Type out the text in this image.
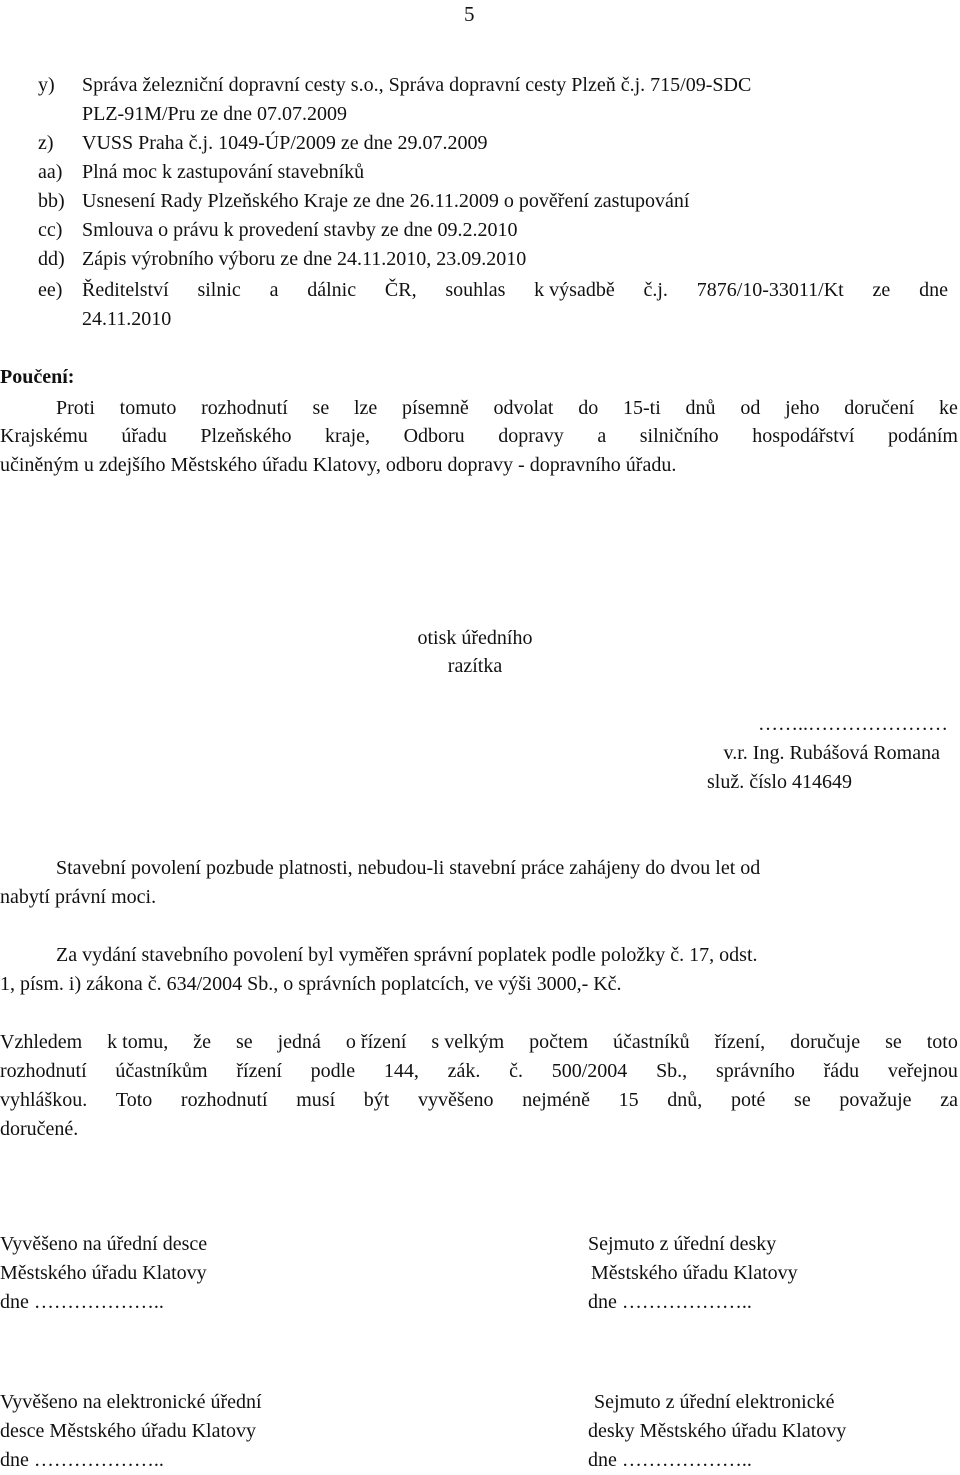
5
y) Správa železniční dopravní cesty s.o., Správa dopravní cesty Plzeň č.j. 715/09-SDC
PLZ-91M/Pru ze dne 07.07.2009
z) VUSS Praha č.j. 1049-ÚP/2009 ze dne 29.07.2009
aa) Plná moc k zastupování stavebníků
bb) Usnesení Rady Plzeňského Kraje ze dne 26.11.2009 o pověření zastupování
cc) Smlouva o právu k provedení stavby ze dne 09.2.2010
dd) Zápis výrobního výboru ze dne 24.11.2010, 23.09.2010
ee) Ředitelství silnic a dálnic ČR, souhlas k výsadbě č.j. 7876/10-33011/Kt ze dne
24.11.2010
Poučení:
Proti tomuto rozhodnutí se lze písemně odvolat do 15-ti dnů od jeho doručení ke
Krajskému úřadu Plzeňského kraje, Odboru dopravy a silničního hospodářství podáním
učiněným u zdejšího Městského úřadu Klatovy, odboru dopravy - dopravního úřadu.
otisk úředního
razítka
……..…………………
v.r. Ing. Rubášová Romana
služ. číslo 414649
Stavební povolení pozbude platnosti, nebudou-li stavební práce zahájeny do dvou let od
nabytí právní moci.
Za vydání stavebního povolení byl vyměřen správní poplatek podle položky č. 17, odst.
1, písm. i) zákona č. 634/2004 Sb., o správních poplatcích, ve výši 3000,- Kč.
Vzhledem k tomu, že se jedná o řízení s velkým počtem účastníků řízení, doručuje se toto
rozhodnutí účastníkům řízení podle 144, zák. č. 500/2004 Sb., správního řádu veřejnou
vyhláškou. Toto rozhodnutí musí být vyvěšeno nejméně 15 dnů, poté se považuje za
doručené.
Vyvěšeno na úřední desce
Městského úřadu Klatovy
dne ………………..
Sejmuto z úřední desky
Městského úřadu Klatovy
dne ………………..
Vyvěšeno na elektronické úřední
desce Městského úřadu Klatovy
dne ………………..
Sejmuto z úřední elektronické
desky Městského úřadu Klatovy
dne ………………..
